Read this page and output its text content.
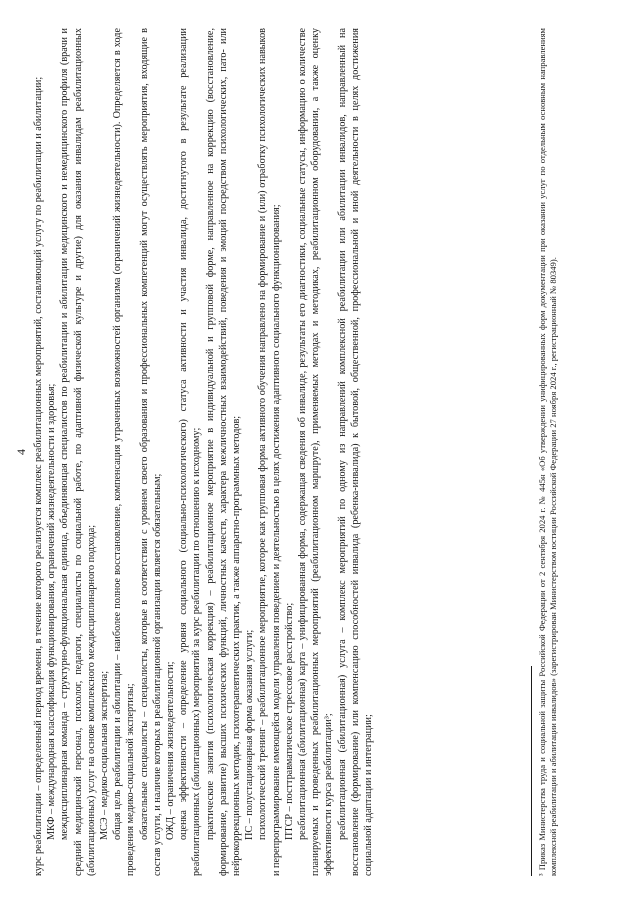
4 курс реабилитации – определенный период времени, в течение которого реализуется комплекс реабилитационных мероприятий, составляющий услугу по реабилитации и абилитации; МКФ – международная классификация функционирования, ограничений жизнедеятельности и здоровья; междисциплинарная команда – структурно-функциональная единица, объединяющая специалистов по реабилитации и абилитации медицинского и немедицинского профиля (врачи и средний медицинский персонал, психолог, педагоги, специалисты по социальной работе, по адаптивной физической культуре и другие) для оказания инвалидам реабилитационных (абилитационных) услуг на основе комплексного междисциплинарного подхода; МСЭ – медико-социальная экспертиза; общая цель реабилитации и абилитации – наиболее полное восстановление, компенсация утраченных возможностей организма (ограничений жизнедеятельности). Определяется в ходе проведения медико-социальной экспертизы; обязательные специалисты – специалисты, которые в соответствии с уровнем своего образования и профессиональных компетенций могут осуществлять мероприятия, входящие в состав услуги, и наличие которых в реабилитационной организации является обязательным; ОЖД – ограничения жизнедеятельности; оценка эффективности – определение уровня социального (социально-психологического) статуса активности и участия инвалида, достигнутого в результате реализации реабилитационных (абилитационных) мероприятий за курс реабилитации по отношению к исходному; практические занятия (психологическая коррекция) – реабилитационное мероприятие в индивидуальной и групповой форме, направленное на коррекцию (восстановление, формирование, развитие) высших психических функций, личностных качеств, характера межличностных взаимодействий, поведения и эмоций посредством психологических, пато- или нейрокоррекционных методик, психотерапевтических практик, а также аппаратно-программных методов; ПС – полустационарная форма оказания услуги; психологический тренинг – реабилитационное мероприятие, которое как групповая форма активного обучения направлено на формирование и (или) отработку психологических навыков и перепрограммирование имеющейся модели управления поведением и деятельностью в целях достижения адаптивного социального функционирования; ПТСР – посттравматическое стрессовое расстройство; реабилитационная (абилитационная) карта – унифицированная форма, содержащая сведения об инвалиде, результаты его диагностики, социальные статусы, информацию о количестве планируемых и проведенных реабилитационных мероприятий (реабилитационном маршруте), применяемых методах и методиках, реабилитационном оборудовании, а также оценку эффективности курса реабилитации³; реабилитационная (абилитационная) услуга – комплекс мероприятий по одному из направлений комплексной реабилитации или абилитации инвалидов, направленный на восстановление (формирование) или компенсацию способностей инвалида (ребенка-инвалида) к бытовой, общественной, профессиональной и иной деятельности в целях достижения социальной адаптации и интеграции;	³ Приказ Министерства труда и социальной защиты Российской Федерации от 2 сентября 2024 г. № 445н «Об утверждении унифицированных форм документации при оказании услуг по отдельным основным направлениям комплексной реабилитации и абилитации инвалидов» (зарегистрирован Министерством юстиции Российской Федерации 27 ноября 2024 г., регистрационный № 80349).
